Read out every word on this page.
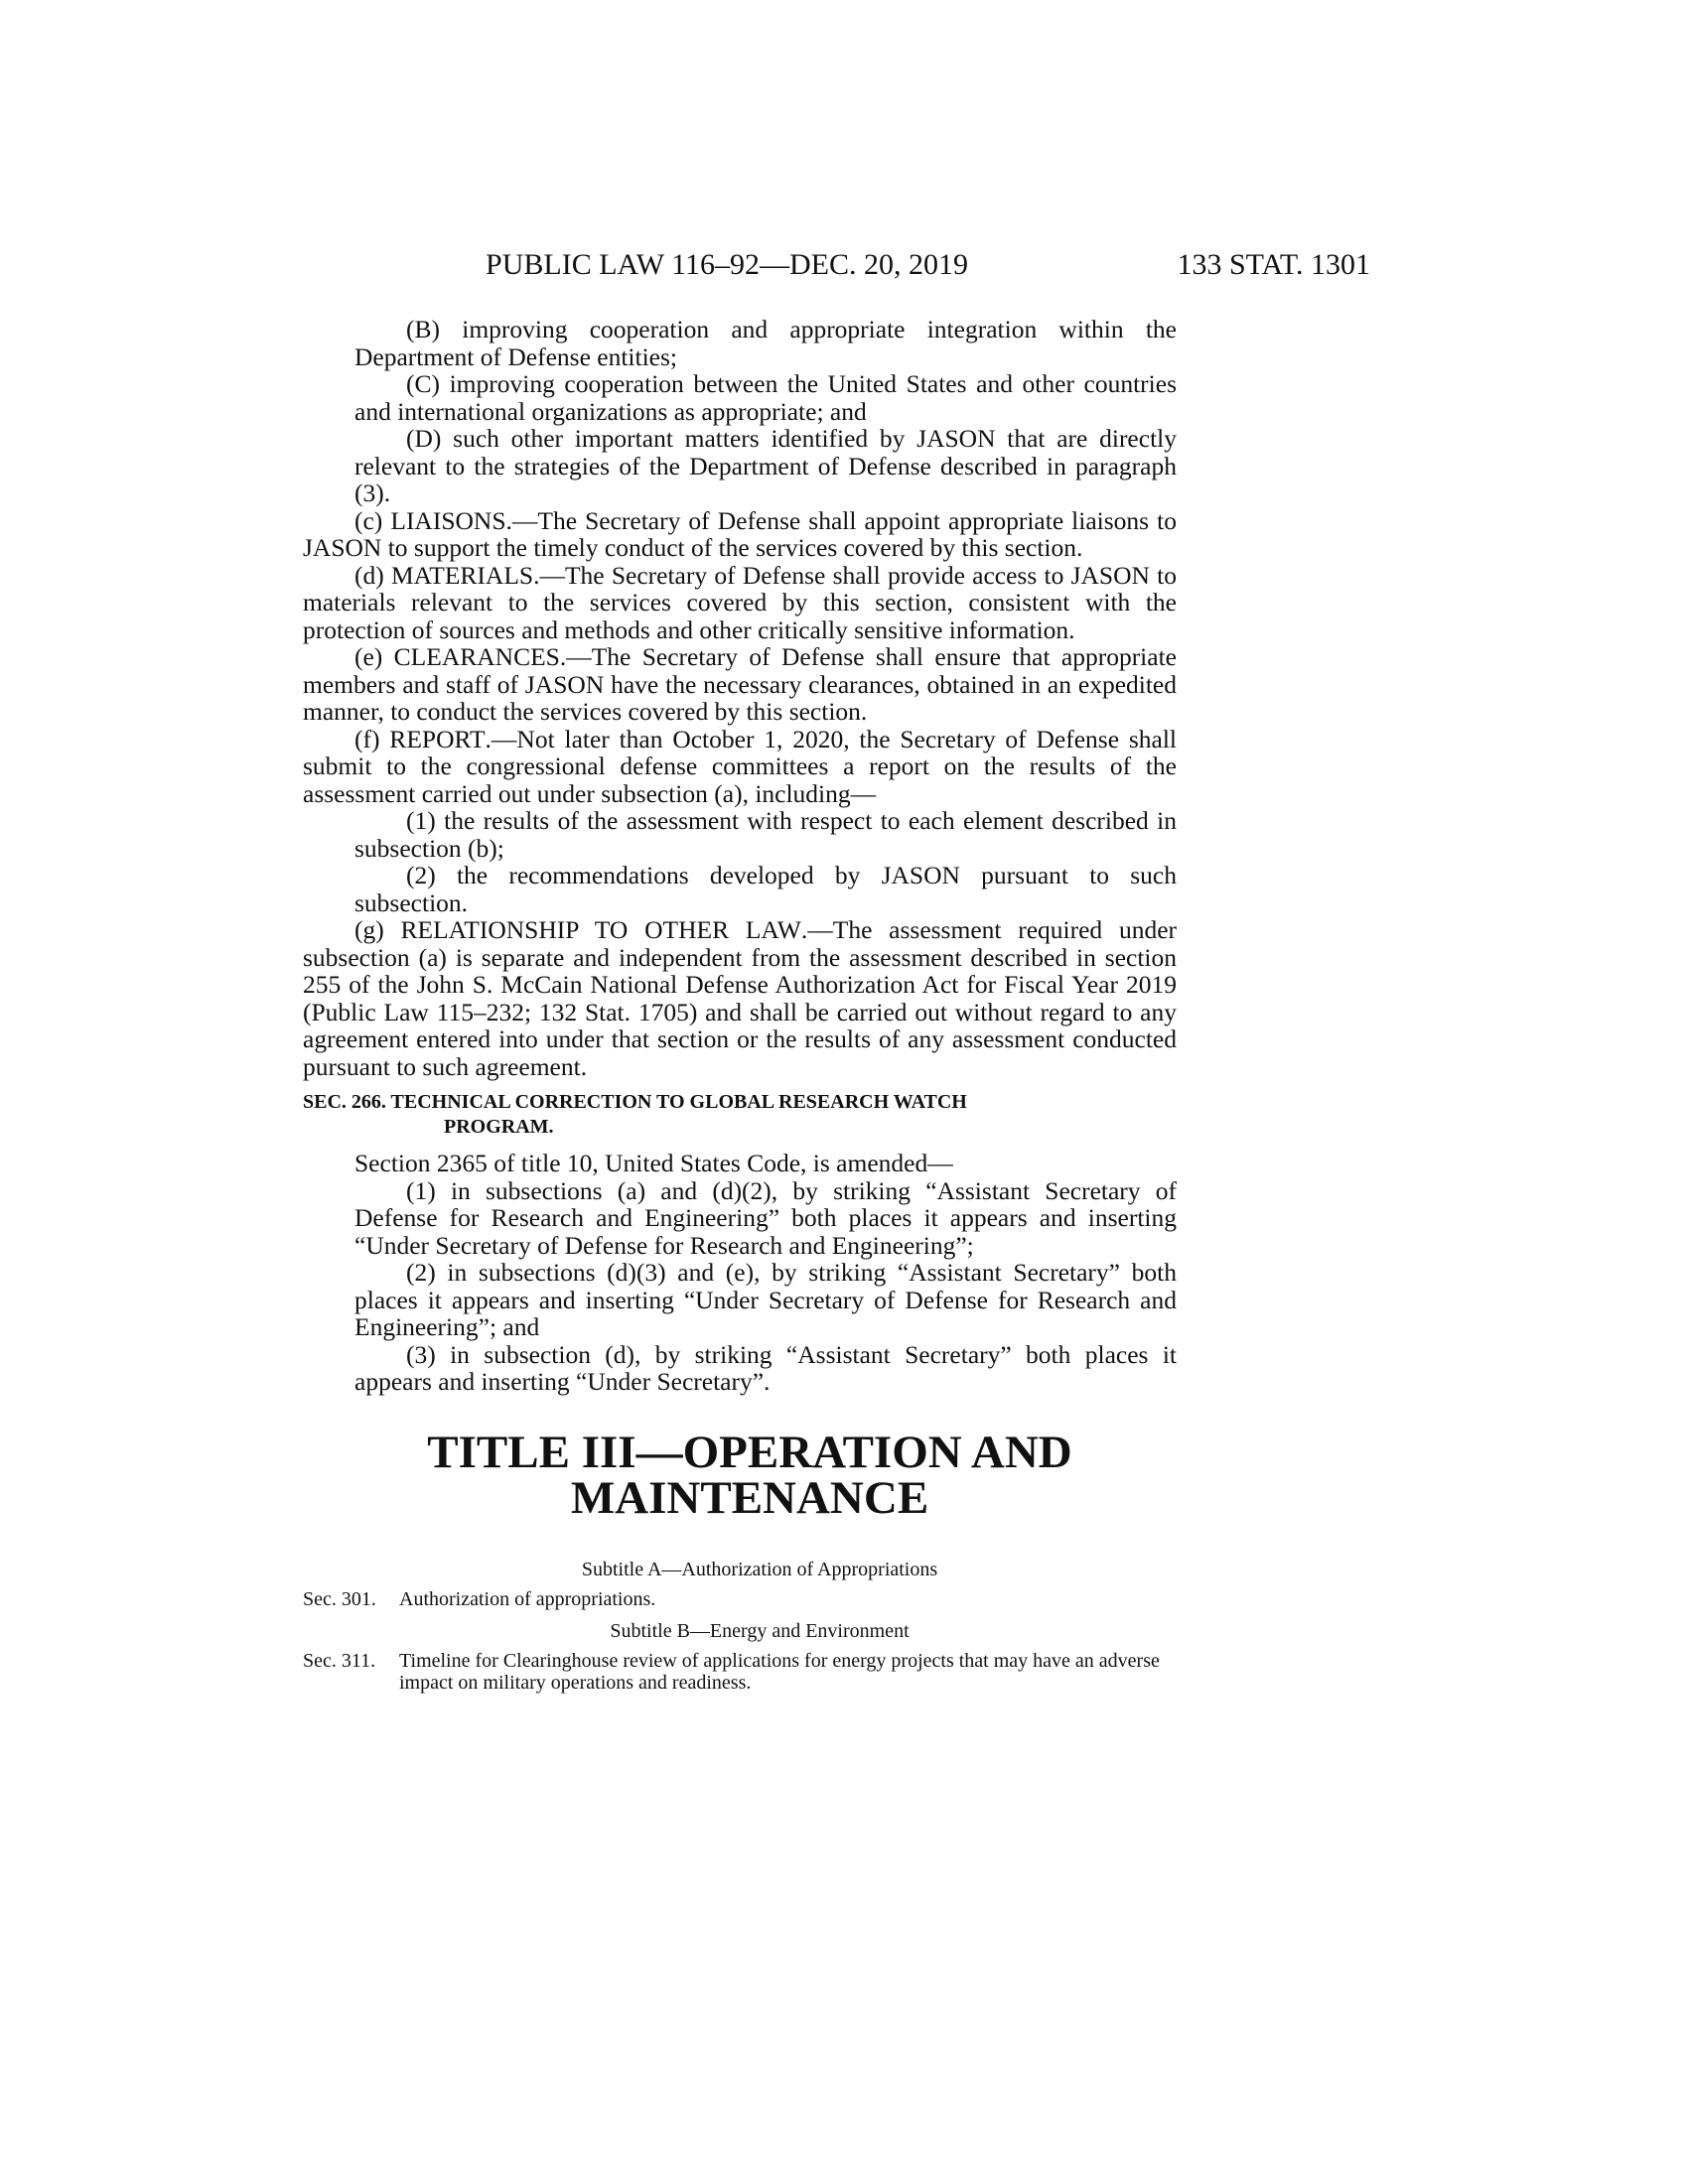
PUBLIC LAW 116–92—DEC. 20, 2019	133 STAT. 1301

(B) improving cooperation and appropriate integration within the Department of Defense entities;

(C) improving cooperation between the United States and other countries and international organizations as appropriate; and

(D) such other important matters identified by JASON that are directly relevant to the strategies of the Department of Defense described in paragraph (3).

(c) LIAISONS.—The Secretary of Defense shall appoint appropriate liaisons to JASON to support the timely conduct of the services covered by this section.

(d) MATERIALS.—The Secretary of Defense shall provide access to JASON to materials relevant to the services covered by this section, consistent with the protection of sources and methods and other critically sensitive information.

(e) CLEARANCES.—The Secretary of Defense shall ensure that appropriate members and staff of JASON have the necessary clearances, obtained in an expedited manner, to conduct the services covered by this section.

(f) REPORT.—Not later than October 1, 2020, the Secretary of Defense shall submit to the congressional defense committees a report on the results of the assessment carried out under subsection (a), including—

(1) the results of the assessment with respect to each element described in subsection (b);

(2) the recommendations developed by JASON pursuant to such subsection.

(g) RELATIONSHIP TO OTHER LAW.—The assessment required under subsection (a) is separate and independent from the assessment described in section 255 of the John S. McCain National Defense Authorization Act for Fiscal Year 2019 (Public Law 115–232; 132 Stat. 1705) and shall be carried out without regard to any agreement entered into under that section or the results of any assessment conducted pursuant to such agreement.

SEC. 266. TECHNICAL CORRECTION TO GLOBAL RESEARCH WATCH
PROGRAM.

Section 2365 of title 10, United States Code, is amended—

(1) in subsections (a) and (d)(2), by striking “Assistant Secretary of Defense for Research and Engineering” both places it appears and inserting “Under Secretary of Defense for Research and Engineering”;

(2) in subsections (d)(3) and (e), by striking “Assistant Secretary” both places it appears and inserting “Under Secretary of Defense for Research and Engineering”; and

(3) in subsection (d), by striking “Assistant Secretary” both places it appears and inserting “Under Secretary”.

TITLE III—OPERATION AND
MAINTENANCE
Subtitle A—Authorization of Appropriations
Sec. 301. Authorization of appropriations.
Subtitle B—Energy and Environment
Sec. 311. Timeline for Clearinghouse review of applications for energy projects that may have an adverse impact on military operations and readiness.
